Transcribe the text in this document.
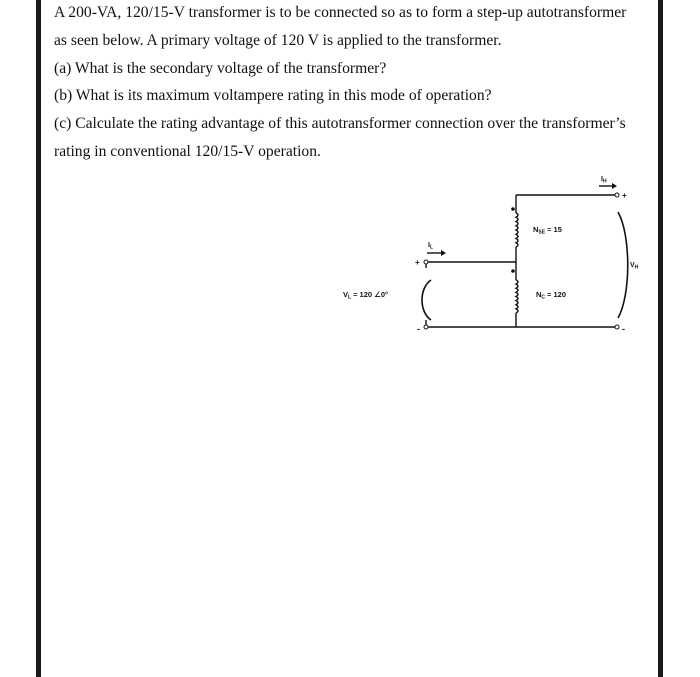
A 200-VA, 120/15-V transformer is to be connected so as to form a step-up autotransformer

as seen below. A primary voltage of 120 V is applied to the transformer.

(a) What is the secondary voltage of the transformer?

(b) What is its maximum voltampere rating in this mode of operation?

(c) Calculate the rating advantage of this autotransformer connection over the transformer’s

rating in conventional 120/15-V operation.

+
-
+
-
$I_H$
$I_L$
$V_H$
$V_L = 120$ ∠0°
$N_{SE} = 15$
$N_C = 120$
